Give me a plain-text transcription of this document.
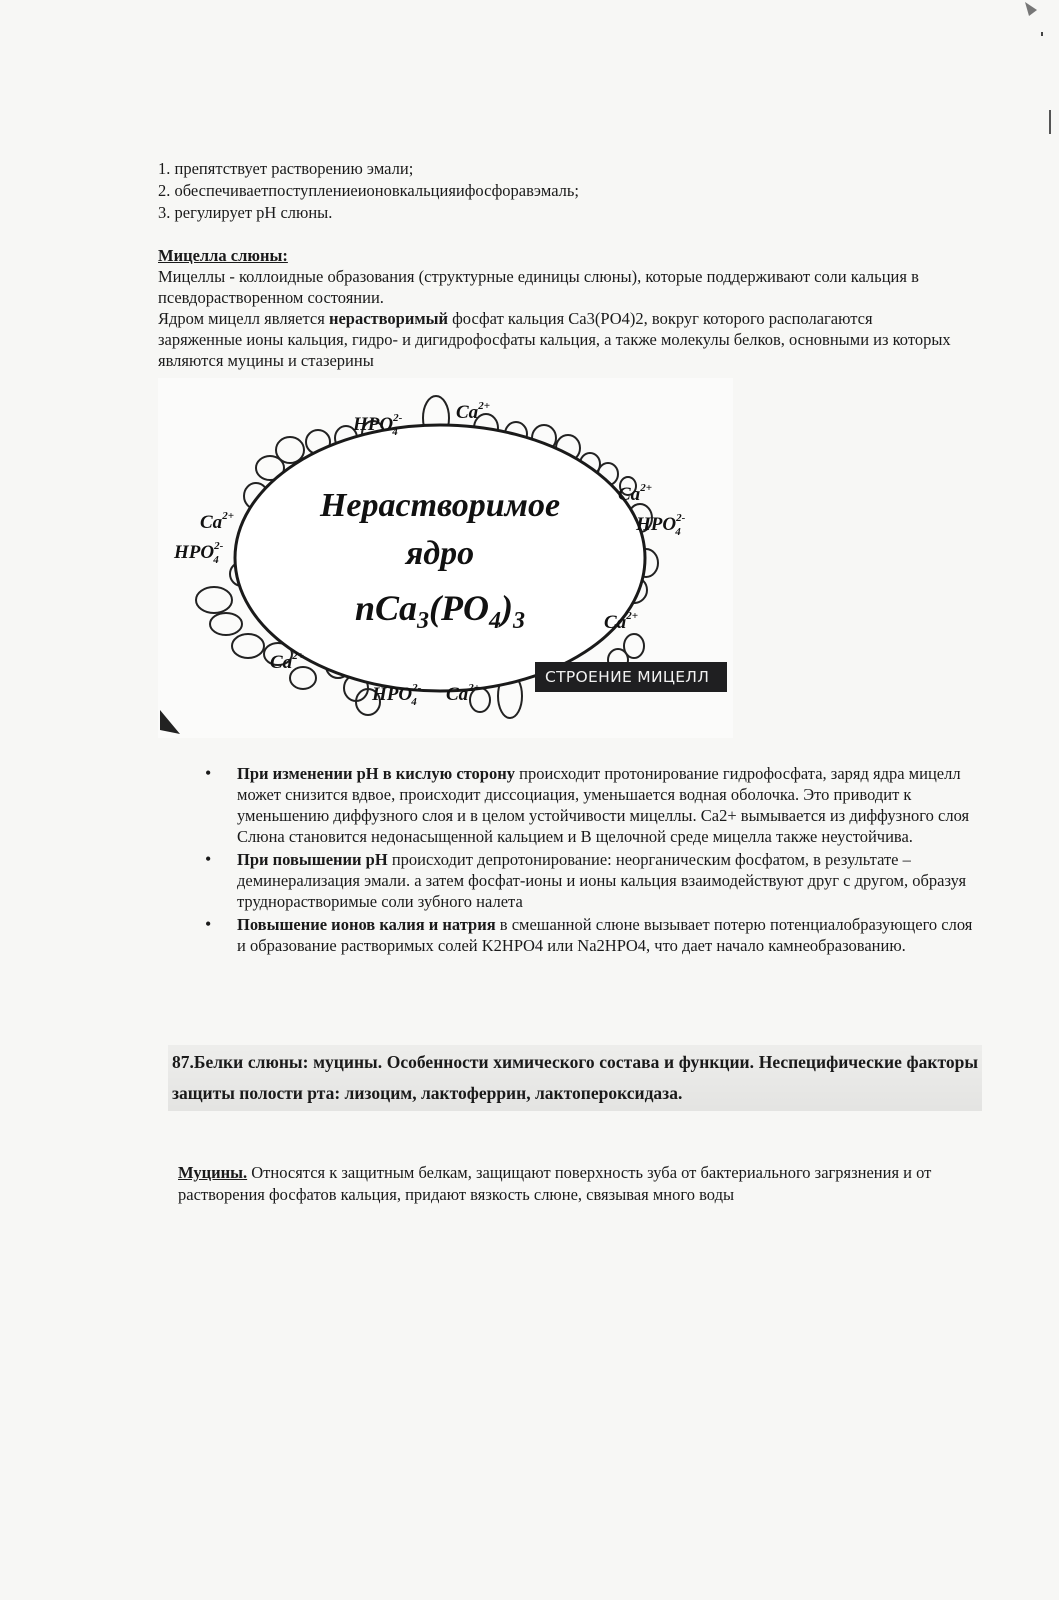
1. препятствует растворению эмали;
2. обеспечиваетпоступлениеионовкальцияифосфоравэмаль;
3. регулирует pH слюны.
Мицелла слюны:

Мицеллы - коллоидные образования (структурные единицы слюны), которые поддерживают соли кальция в псевдорастворенном состоянии.

Ядром мицелл является нерастворимый фосфат кальция Са3(РО4)2, вокруг которого располагаются заряженные ионы кальция, гидро- и дигидрофосфаты кальция, а также молекулы белков, основными из которых являются муцины и стазерины

Нерастворимое
ядро
$nCa_3(PO_4)_3$
$HPO^{2-}4$
$Ca^{2+}$
$Ca^{2+}$
$HPO^{2-}4$
$Ca^{2+}$
$HPO^{2-}4$
$Ca^{2+}$
$Ca^{2+}$
$HPO^{2-}4$ $Ca^{2+}$
СТРОЕНИЕ МИЦЕЛЛ
• При изменении pH в кислую сторону происходит протонирование гидрофосфата, заряд ядра мицелл может снизится вдвое, происходит диссоциация, уменьшается водная оболочка. Это приводит к уменьшению диффузного слоя и в целом устойчивости мицеллы. Са2+ вымывается из диффузного слоя Слюна становится недонасыщенной кальцием и В щелочной среде мицелла также неустойчива.
• При повышении pH происходит депротонирование: неорганическим фосфатом, в результате – деминерализация эмали. а затем фосфат-ионы и ионы кальция взаимодействуют друг с другом, образуя труднорастворимые соли зубного налета
• Повышение ионов калия и натрия в смешанной слюне вызывает потерю потенциалобразующего слоя и образование растворимых солей K2HPO4 или Na2HPO4, что дает начало камнеобразованию.
87.Белки слюны: муцины. Особенности химического состава и функции. Неспецифические факторы защиты полости рта: лизоцим, лактоферрин, лактопероксидаза.
Муцины. Относятся к защитным белкам, защищают поверхность зуба от бактериального загрязнения и от растворения фосфатов кальция, придают вязкость слюне, связывая много воды
